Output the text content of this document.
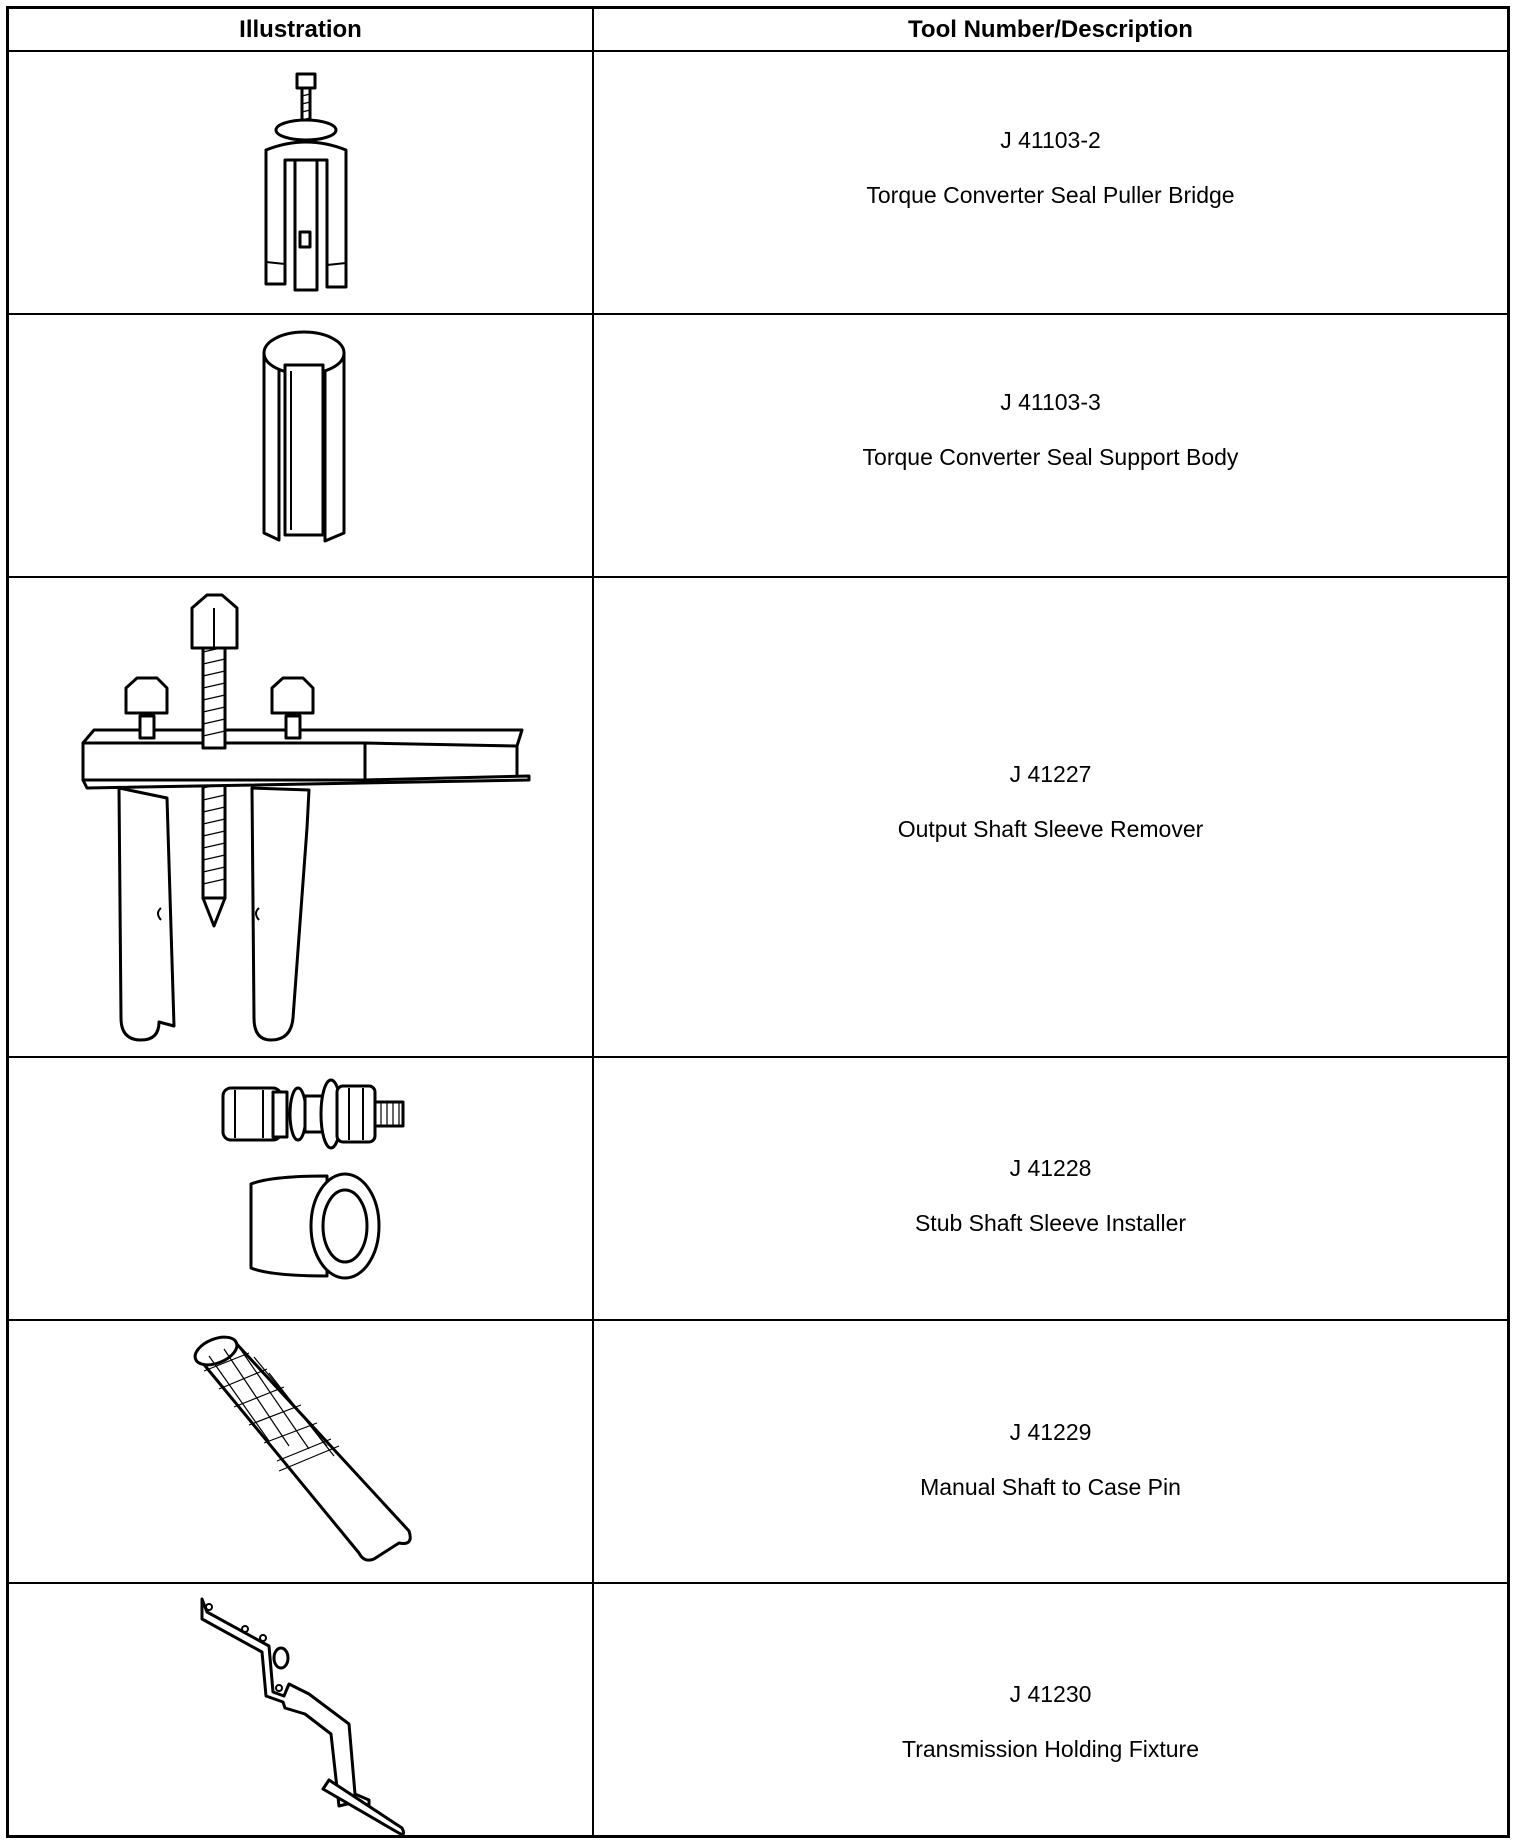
Illustration	Tool Number/Description
J 41103-2
Torque Converter Seal Puller Bridge
J 41103-3
Torque Converter Seal Support Body
J 41227
Output Shaft Sleeve Remover
J 41228
Stub Shaft Sleeve Installer
J 41229
Manual Shaft to Case Pin
J 41230
Transmission Holding Fixture
